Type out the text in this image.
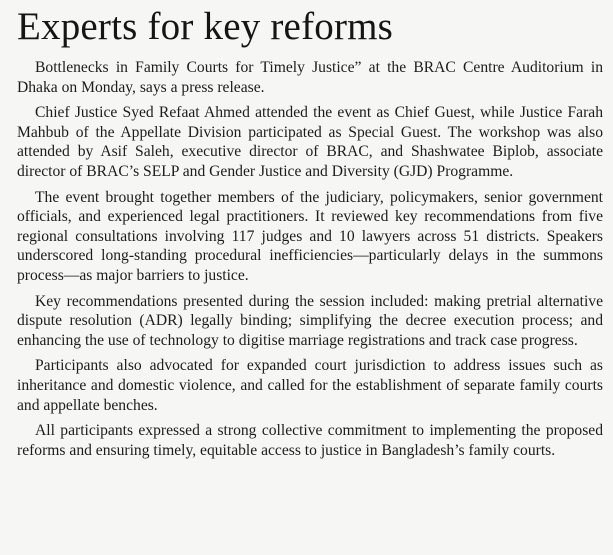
Experts for key reforms

Bottlenecks in Family Courts for Timely Justice” at the BRAC Centre Auditorium in Dhaka on Monday, says a press release.

Chief Justice Syed Refaat Ahmed attended the event as Chief Guest, while Justice Farah Mahbub of the Appellate Division participated as Special Guest. The workshop was also attended by Asif Saleh, executive director of BRAC, and Shashwatee Biplob, associate director of BRAC’s SELP and Gender Justice and Diversity (GJD) Programme.

The event brought together members of the judiciary, policymakers, senior government officials, and experienced legal practitioners. It reviewed key recommendations from five regional consultations involving 117 judges and 10 lawyers across 51 districts. Speakers underscored long-standing procedural inefficiencies—particularly delays in the summons process—as major barriers to justice.

Key recommendations presented during the session included: making pretrial alternative dispute resolution (ADR) legally binding; simplifying the decree execution process; and enhancing the use of technology to digitise marriage registrations and track case progress.

Participants also advocated for expanded court jurisdiction to address issues such as inheritance and domestic violence, and called for the establishment of separate family courts and appellate benches.

All participants expressed a strong collective commitment to implementing the proposed reforms and ensuring timely, equitable access to justice in Bangladesh’s family courts.
